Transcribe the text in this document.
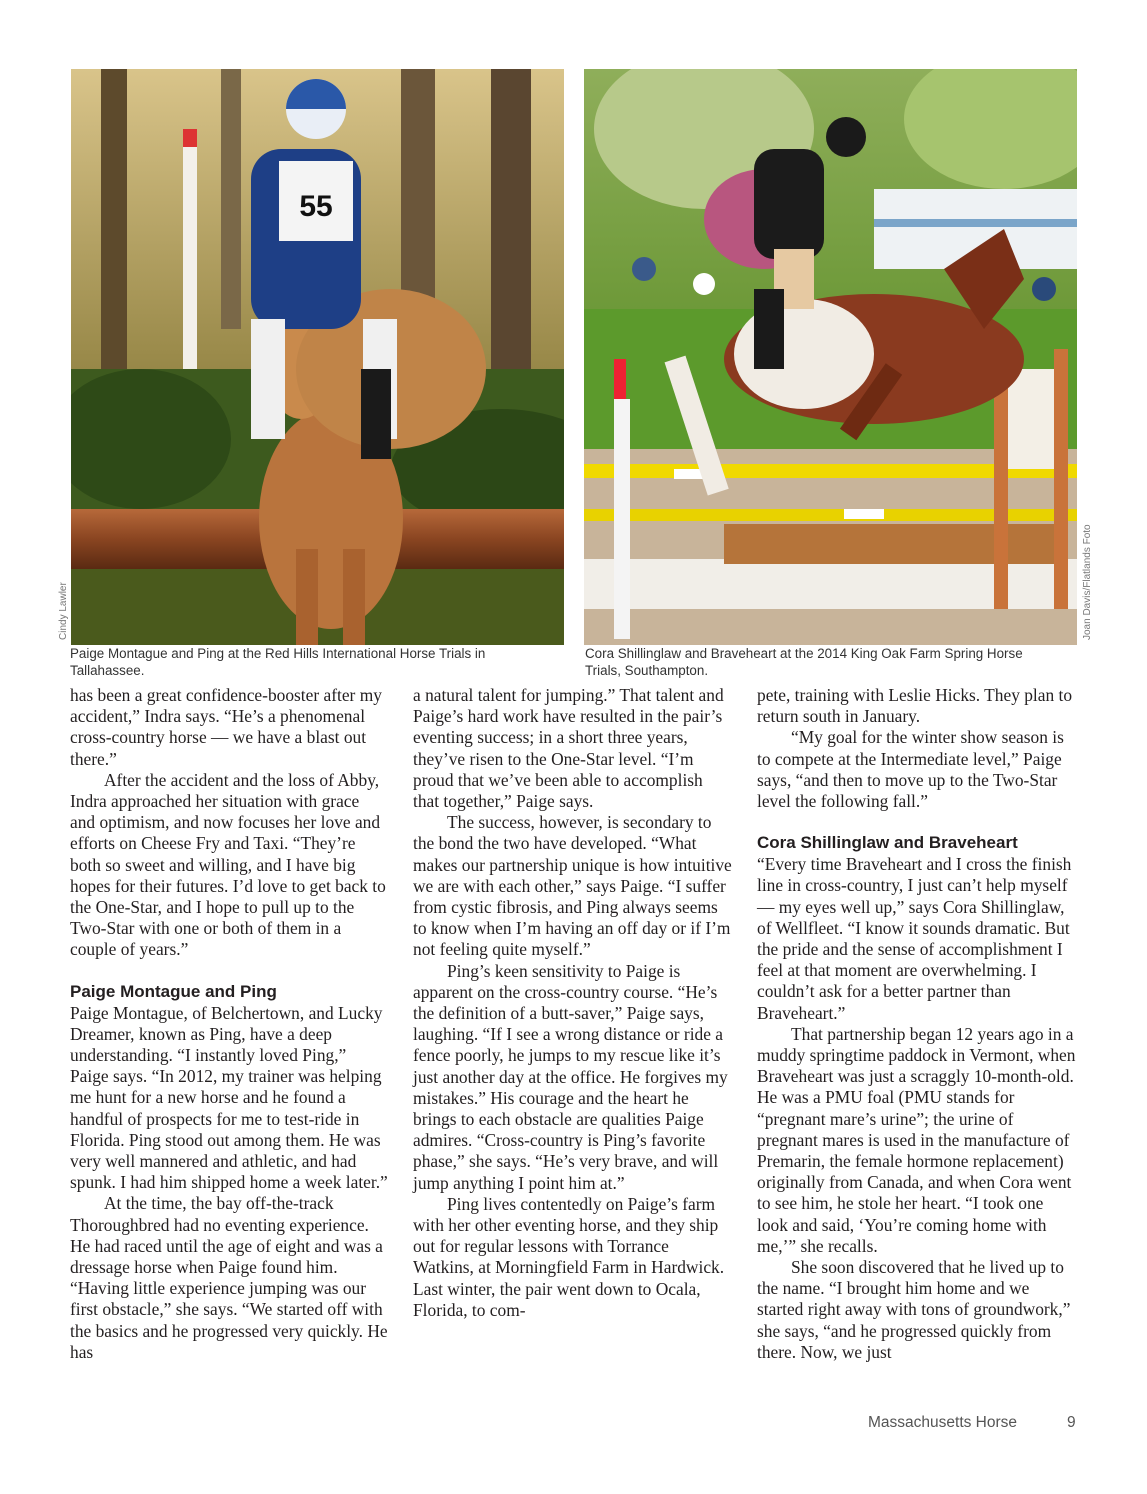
55
Cindy Lawler
Paige Montague and Ping at the Red Hills International Horse Trials in Tallahassee.
Joan Davis/Flatlands Foto
Cora Shillinglaw and Braveheart at the 2014 King Oak Farm Spring Horse Trials, Southampton.

has been a great confidence-booster after my accident,” Indra says. “He’s a phenomenal cross-country horse — we have a blast out there.”

After the accident and the loss of Abby, Indra approached her situation with grace and optimism, and now focuses her love and efforts on Cheese Fry and Taxi. “They’re both so sweet and willing, and I have big hopes for their futures. I’d love to get back to the One-Star, and I hope to pull up to the Two-Star with one or both of them in a couple of years.”

Paige Montague and Ping

Paige Montague, of Belchertown, and Lucky Dreamer, known as Ping, have a deep understanding. “I instantly loved Ping,” Paige says. “In 2012, my trainer was helping me hunt for a new horse and he found a handful of prospects for me to test-ride in Florida. Ping stood out among them. He was very well mannered and athletic, and had spunk. I had him shipped home a week later.”

At the time, the bay off-the-track Thoroughbred had no eventing experience. He had raced until the age of eight and was a dressage horse when Paige found him. “Having little experience jumping was our first obstacle,” she says. “We started off with the basics and he progressed very quickly. He has

a natural talent for jumping.” That talent and Paige’s hard work have resulted in the pair’s eventing success; in a short three years, they’ve risen to the One-Star level. “I’m proud that we’ve been able to accomplish that together,” Paige says.

The success, however, is secondary to the bond the two have developed. “What makes our partnership unique is how intuitive we are with each other,” says Paige. “I suffer from cystic fibrosis, and Ping always seems to know when I’m having an off day or if I’m not feeling quite myself.”

Ping’s keen sensitivity to Paige is apparent on the cross-country course. “He’s the definition of a butt-saver,” Paige says, laughing. “If I see a wrong distance or ride a fence poorly, he jumps to my rescue like it’s just another day at the office. He forgives my mistakes.” His courage and the heart he brings to each obstacle are qualities Paige admires. “Cross-country is Ping’s favorite phase,” she says. “He’s very brave, and will jump anything I point him at.”

Ping lives contentedly on Paige’s farm with her other eventing horse, and they ship out for regular lessons with Torrance Watkins, at Morningfield Farm in Hardwick. Last winter, the pair went down to Ocala, Florida, to com-

pete, training with Leslie Hicks. They plan to return south in January.

“My goal for the winter show season is to compete at the Intermediate level,” Paige says, “and then to move up to the Two-Star level the following fall.”

Cora Shillinglaw and Braveheart

“Every time Braveheart and I cross the finish line in cross-country, I just can’t help myself — my eyes well up,” says Cora Shillinglaw, of Wellfleet. “I know it sounds dramatic. But the pride and the sense of accomplishment I feel at that moment are overwhelming. I couldn’t ask for a better partner than Braveheart.”

That partnership began 12 years ago in a muddy springtime paddock in Vermont, when Braveheart was just a scraggly 10-month-old. He was a PMU foal (PMU stands for “pregnant mare’s urine”; the urine of pregnant mares is used in the manufacture of Premarin, the female hormone replacement) originally from Canada, and when Cora went to see him, he stole her heart. “I took one look and said, ‘You’re coming home with me,’” she recalls.

She soon discovered that he lived up to the name. “I brought him home and we started right away with tons of groundwork,” she says, “and he progressed quickly from there. Now, we just

Massachusetts Horse	9
